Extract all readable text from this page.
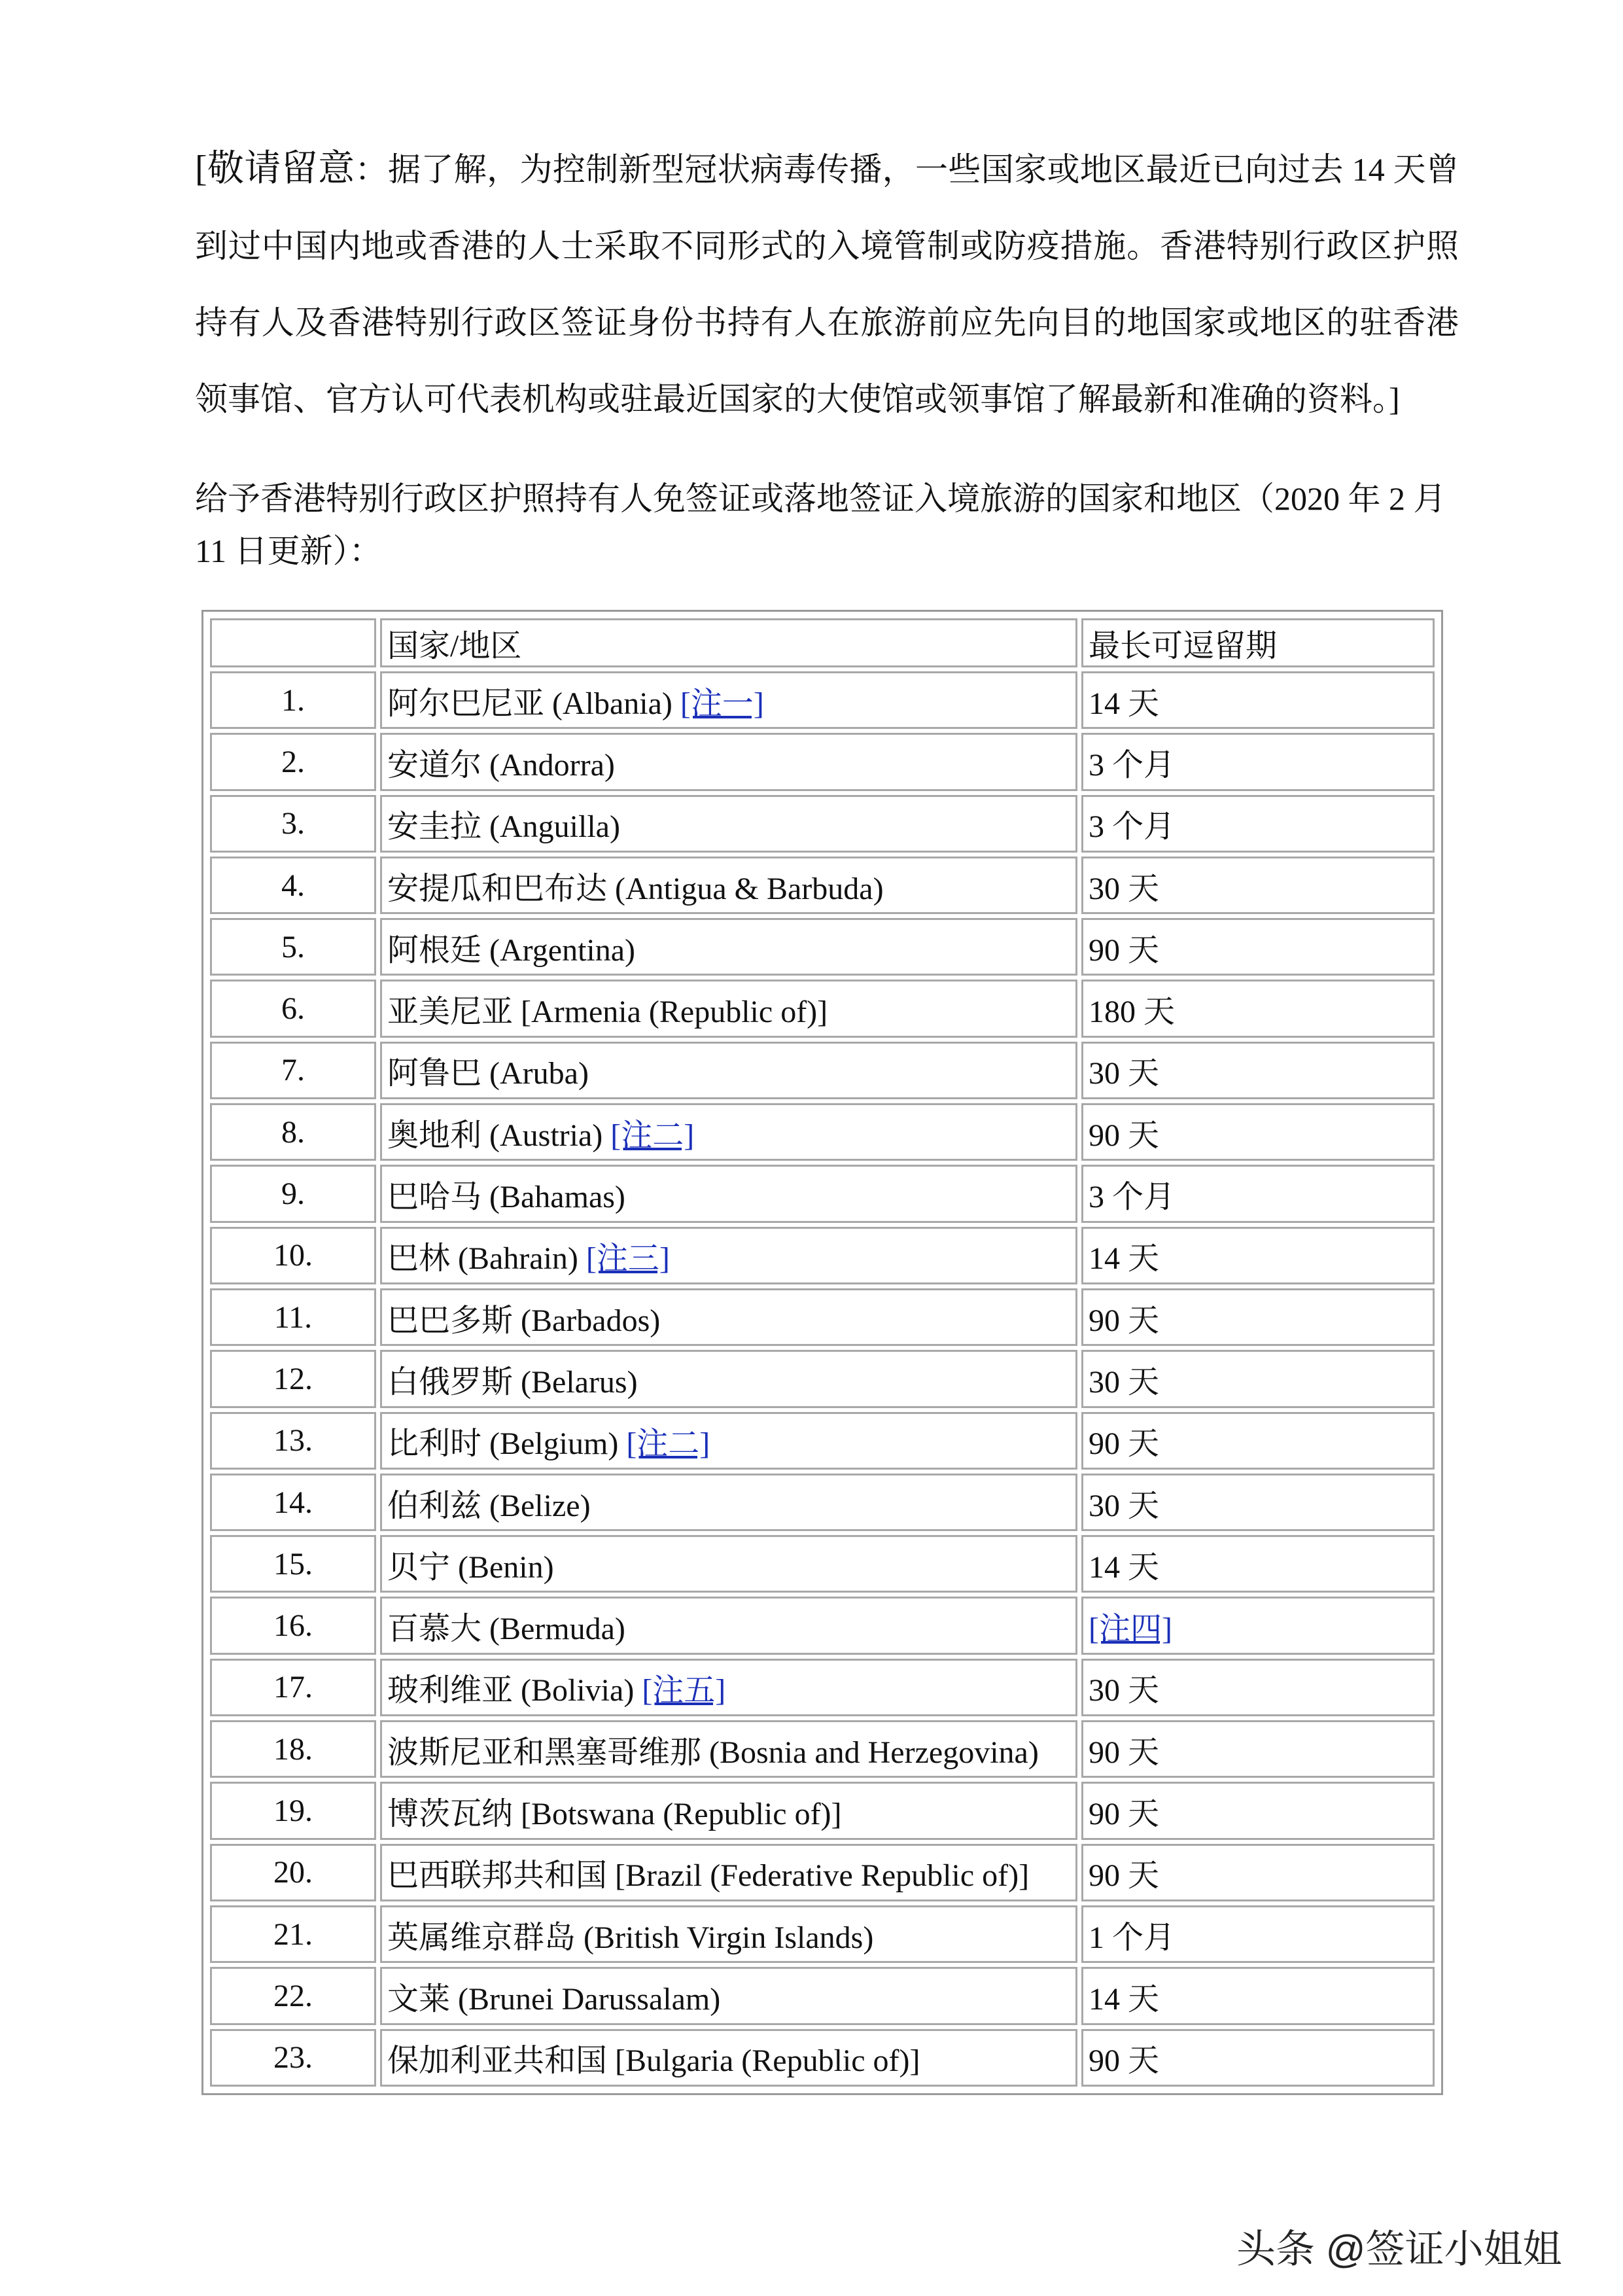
[敬请留意：据了解，为控制新型冠状病毒传播，一些国家或地区最近已向过去 14 天曾到过中国内地或香港的人士采取不同形式的入境管制或防疫措施。香港特别行政区护照持有人及香港特别行政区签证身份书持有人在旅游前应先向目的地国家或地区的驻香港领事馆、官方认可代表机构或驻最近国家的大使馆或领事馆了解最新和准确的资料。]

给予香港特别行政区护照持有人免签证或落地签证入境旅游的国家和地区（2020 年 2 月 11 日更新）：

	国家/地区	最长可逗留期
1.	阿尔巴尼亚 (Albania) [注一]	14 天
2.	安道尔 (Andorra)	3 个月
3.	安圭拉 (Anguilla)	3 个月
4.	安提瓜和巴布达 (Antigua & Barbuda)	30 天
5.	阿根廷 (Argentina)	90 天
6.	亚美尼亚 [Armenia (Republic of)]	180 天
7.	阿鲁巴 (Aruba)	30 天
8.	奥地利 (Austria) [注二]	90 天
9.	巴哈马 (Bahamas)	3 个月
10.	巴林 (Bahrain) [注三]	14 天
11.	巴巴多斯 (Barbados)	90 天
12.	白俄罗斯 (Belarus)	30 天
13.	比利时 (Belgium) [注二]	90 天
14.	伯利兹 (Belize)	30 天
15.	贝宁 (Benin)	14 天
16.	百慕大 (Bermuda)	[注四]
17.	玻利维亚 (Bolivia) [注五]	30 天
18.	波斯尼亚和黑塞哥维那 (Bosnia and Herzegovina)	90 天
19.	博茨瓦纳 [Botswana (Republic of)]	90 天
20.	巴西联邦共和国 [Brazil (Federative Republic of)]	90 天
21.	英属维京群岛 (British Virgin Islands)	1 个月
22.	文莱 (Brunei Darussalam)	14 天
23.	保加利亚共和国 [Bulgaria (Republic of)]	90 天
头条 @签证小姐姐
